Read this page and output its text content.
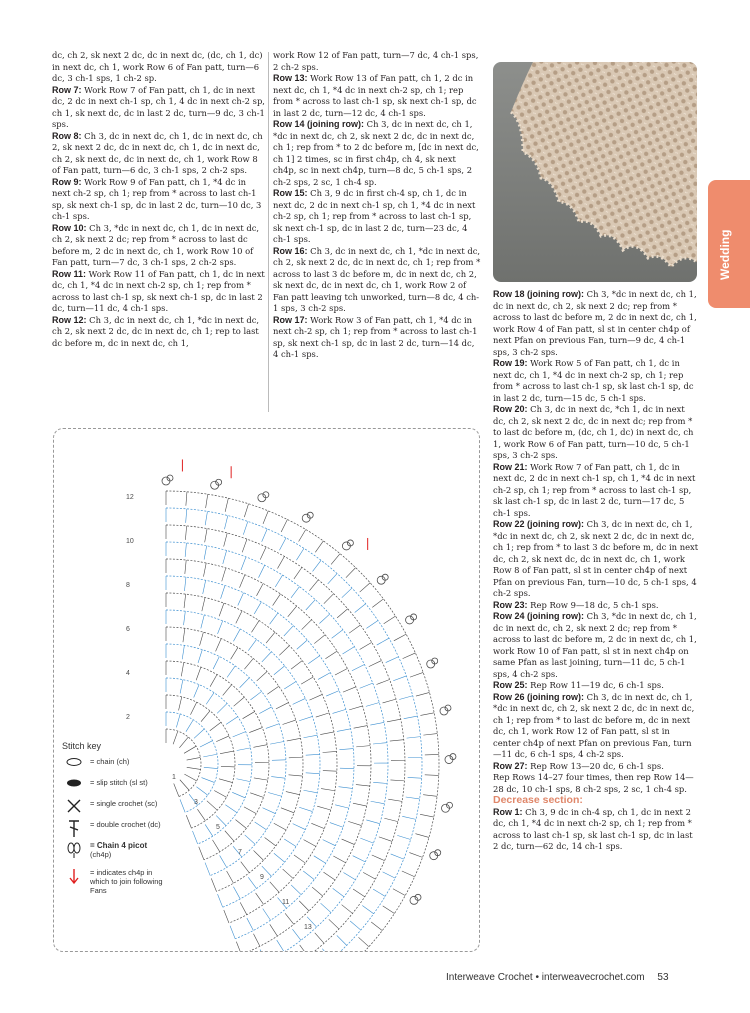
dc, ch 2, sk next 2 dc, dc in next dc, (dc, ch 1, dc) in next dc, ch 1, work Row 6 of Fan patt, turn—6 dc, 3 ch-1 sps, 1 ch-2 sp.

Row 7: Work Row 7 of Fan patt, ch 1, dc in next dc, 2 dc in next ch-1 sp, ch 1, 4 dc in next ch-2 sp, ch 1, sk next dc, dc in last 2 dc, turn—9 dc, 3 ch-1 sps.

Row 8: Ch 3, dc in next dc, ch 1, dc in next dc, ch 2, sk next 2 dc, dc in next dc, ch 1, dc in next dc, ch 2, sk next dc, dc in next dc, ch 1, work Row 8 of Fan patt, turn—6 dc, 3 ch-1 sps, 2 ch-2 sps.

Row 9: Work Row 9 of Fan patt, ch 1, *4 dc in next ch-2 sp, ch 1; rep from * across to last ch-1 sp, sk next ch-1 sp, dc in last 2 dc, turn—10 dc, 3 ch-1 sps.

Row 10: Ch 3, *dc in next dc, ch 1, dc in next dc, ch 2, sk next 2 dc; rep from * across to last dc before m, 2 dc in next dc, ch 1, work Row 10 of Fan patt, turn—7 dc, 3 ch-1 sps, 2 ch-2 sps.

Row 11: Work Row 11 of Fan patt, ch 1, dc in next dc, ch 1, *4 dc in next ch-2 sp, ch 1; rep from * across to last ch-1 sp, sk next ch-1 sp, dc in last 2 dc, turn—11 dc, 4 ch-1 sps.

Row 12: Ch 3, dc in next dc, ch 1, *dc in next dc, ch 2, sk next 2 dc, dc in next dc, ch 1; rep to last dc before m, dc in next dc, ch 1,

work Row 12 of Fan patt, turn—7 dc, 4 ch-1 sps, 2 ch-2 sps.

Row 13: Work Row 13 of Fan patt, ch 1, 2 dc in next dc, ch 1, *4 dc in next ch-2 sp, ch 1; rep from * across to last ch-1 sp, sk next ch-1 sp, dc in last 2 dc, turn—12 dc, 4 ch-1 sps.

Row 14 (joining row): Ch 3, dc in next dc, ch 1, *dc in next dc, ch 2, sk next 2 dc, dc in next dc, ch 1; rep from * to 2 dc before m, [dc in next dc, ch 1] 2 times, sc in first ch4p, ch 4, sk next ch4p, sc in next ch4p, turn—8 dc, 5 ch-1 sps, 2 ch-2 sps, 2 sc, 1 ch-4 sp.

Row 15: Ch 3, 9 dc in first ch-4 sp, ch 1, dc in next dc, 2 dc in next ch-1 sp, ch 1, *4 dc in next ch-2 sp, ch 1; rep from * across to last ch-1 sp, sk next ch-1 sp, dc in last 2 dc, turn—23 dc, 4 ch-1 sps.

Row 16: Ch 3, dc in next dc, ch 1, *dc in next dc, ch 2, sk next 2 dc, dc in next dc, ch 1; rep from * across to last 3 dc before m, dc in next dc, ch 2, sk next dc, dc in next dc, ch 1, work Row 2 of Fan patt leaving tch unworked, turn—8 dc, 4 ch-1 sps, 3 ch-2 sps.

Row 17: Work Row 3 of Fan patt, ch 1, *4 dc in next ch-2 sp, ch 1; rep from * across to last ch-1 sp, sk next ch-1 sp, dc in last 2 dc, turn—14 dc, 4 ch-1 sps.

Row 18 (joining row): Ch 3, *dc in next dc, ch 1, dc in next dc, ch 2, sk next 2 dc; rep from * across to last dc before m, 2 dc in next dc, ch 1, work Row 4 of Fan patt, sl st in center ch4p of next Pfan on previous Fan, turn—9 dc, 4 ch-1 sps, 3 ch-2 sps.

Row 19: Work Row 5 of Fan patt, ch 1, dc in next dc, ch 1, *4 dc in next ch-2 sp, ch 1; rep from * across to last ch-1 sp, sk last ch-1 sp, dc in last 2 dc, turn—15 dc, 5 ch-1 sps.

Row 20: Ch 3, dc in next dc, *ch 1, dc in next dc, ch 2, sk next 2 dc, dc in next dc; rep from * to last dc before m, (dc, ch 1, dc) in next dc, ch 1, work Row 6 of Fan patt, turn—10 dc, 5 ch-1 sps, 3 ch-2 sps.

Row 21: Work Row 7 of Fan patt, ch 1, dc in next dc, 2 dc in next ch-1 sp, ch 1, *4 dc in next ch-2 sp, ch 1; rep from * across to last ch-1 sp, sk last ch-1 sp, dc in last 2 dc, turn—17 dc, 5 ch-1 sps.

Row 22 (joining row): Ch 3, dc in next dc, ch 1, *dc in next dc, ch 2, sk next 2 dc, dc in next dc, ch 1; rep from * to last 3 dc before m, dc in next dc, ch 2, sk next dc, dc in next dc, ch 1, work Row 8 of Fan patt, sl st in center ch4p of next Pfan on previous Fan, turn—10 dc, 5 ch-1 sps, 4 ch-2 sps.

Row 23: Rep Row 9—18 dc, 5 ch-1 sps.

Row 24 (joining row): Ch 3, *dc in next dc, ch 1, dc in next dc, ch 2, sk next 2 dc; rep from * across to last dc before m, 2 dc in next dc, ch 1, work Row 10 of Fan patt, sl st in next ch4p on same Pfan as last joining, turn—11 dc, 5 ch-1 sps, 4 ch-2 sps.

Row 25: Rep Row 11—19 dc, 6 ch-1 sps.

Row 26 (joining row): Ch 3, dc in next dc, ch 1, *dc in next dc, ch 2, sk next 2 dc, dc in next dc, ch 1; rep from * to last dc before m, dc in next dc, ch 1, work Row 12 of Fan patt, sl st in center ch4p of next Pfan on previous Fan, turn—11 dc, 6 ch-1 sps, 4 ch-2 sps.

Row 27: Rep Row 13—20 dc, 6 ch-1 sps.

Rep Rows 14–27 four times, then rep Row 14—28 dc, 10 ch-1 sps, 8 ch-2 sps, 2 sc, 1 ch-4 sp.

Decrease section:

Row 1: Ch 3, 9 dc in ch-4 sp, ch 1, dc in next 2 dc, ch 1, *4 dc in next ch-2 sp, ch 1; rep from * across to last ch-1 sp, sk last ch-1 sp, dc in last 2 dc, turn—62 dc, 14 ch-1 sps.

Wedding
12
10
8
6
4
2
1
3
5
7
9
11
13
Stitch key
= chain (ch)
= slip stitch (sl st)
= single crochet (sc)
= double crochet (dc)
= Chain 4 picot
(ch4p)
= indicates ch4p in which to join following Fans
Interweave Crochet • interweavecrochet.com 53
